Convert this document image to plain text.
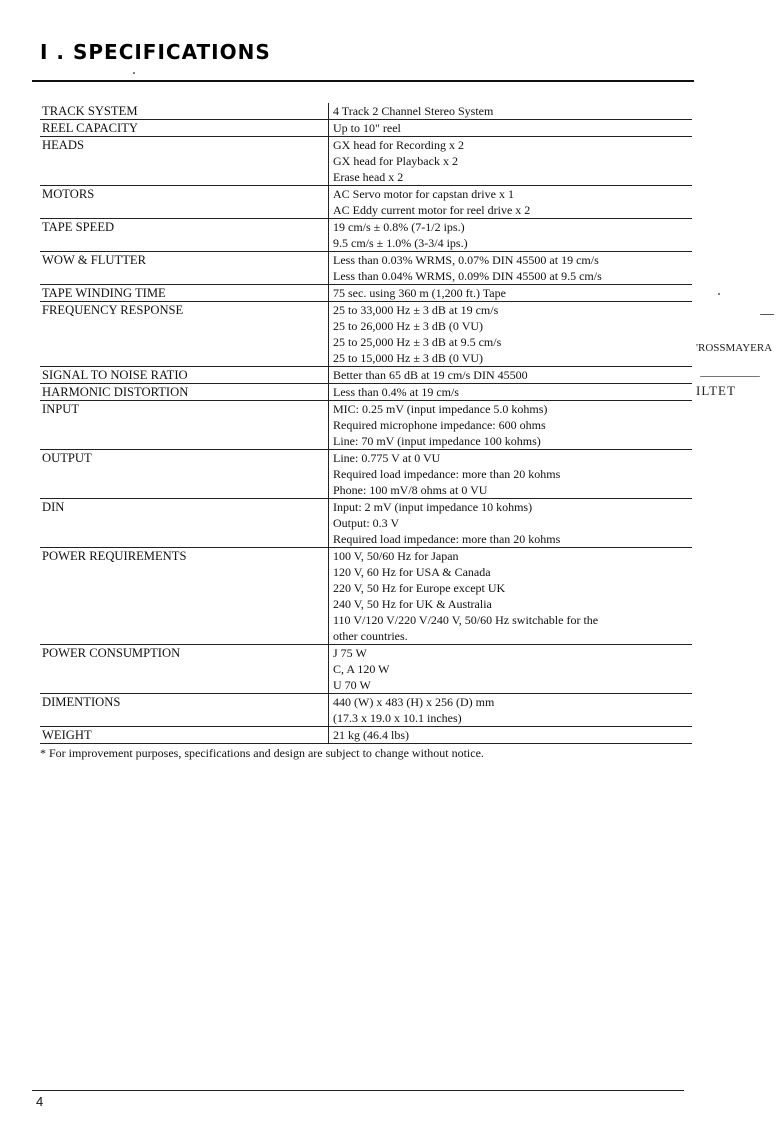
I . SPECIFICATIONS
TRACK SYSTEM	4 Track 2 Channel Stereo System
REEL CAPACITY	Up to 10" reel
HEADS	GX head for Recording x 2
GX head for Playback x 2
Erase head x 2
MOTORS	AC Servo motor for capstan drive x 1
AC Eddy current motor for reel drive x 2
TAPE SPEED	19 cm/s ± 0.8% (7-1/2 ips.)
9.5 cm/s ± 1.0% (3-3/4 ips.)
WOW & FLUTTER	Less than 0.03% WRMS, 0.07% DIN 45500 at 19 cm/s
Less than 0.04% WRMS, 0.09% DIN 45500 at 9.5 cm/s
TAPE WINDING TIME	75 sec. using 360 m (1,200 ft.) Tape
FREQUENCY RESPONSE	25 to 33,000 Hz ± 3 dB at 19 cm/s
25 to 26,000 Hz ± 3 dB (0 VU)
25 to 25,000 Hz ± 3 dB at 9.5 cm/s
25 to 15,000 Hz ± 3 dB (0 VU)
SIGNAL TO NOISE RATIO	Better than 65 dB at 19 cm/s DIN 45500
HARMONIC DISTORTION	Less than 0.4% at 19 cm/s
INPUT	MIC: 0.25 mV (input impedance 5.0 kohms)
Required microphone impedance: 600 ohms
Line: 70 mV (input impedance 100 kohms)
OUTPUT	Line: 0.775 V at 0 VU
Required load impedance: more than 20 kohms
Phone: 100 mV/8 ohms at 0 VU
DIN	Input: 2 mV (input impedance 10 kohms)
Output: 0.3 V
Required load impedance: more than 20 kohms
POWER REQUIREMENTS	100 V, 50/60 Hz for Japan
120 V, 60 Hz for USA & Canada
220 V, 50 Hz for Europe except UK
240 V, 50 Hz for UK & Australia
110 V/120 V/220 V/240 V, 50/60 Hz switchable for the
other countries.
POWER CONSUMPTION	J 75 W
C, A 120 W
U 70 W
DIMENTIONS	440 (W) x 483 (H) x 256 (D) mm
(17.3 x 19.0 x 10.1 inches)
WEIGHT	21 kg (46.4 lbs)
* For improvement purposes, specifications and design are subject to change without notice.
'ROSSMAYERA
ILTET
4
